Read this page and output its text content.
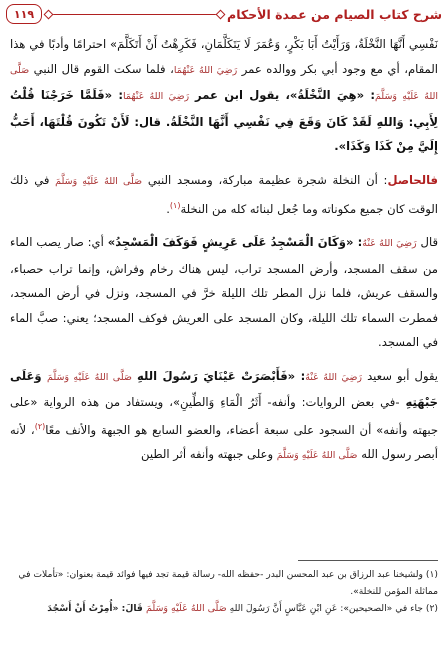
شرح كتاب الصيام من عمدة الأحكام
١١٩

نَفْسِي أَنَّهَا النَّخْلَةُ، وَرَأَيْتُ أَبَا بَكْرٍ، وَعُمَرَ لَا يَتَكَلَّمَانِ، فَكَرِهْتُ أَنْ أَتَكَلَّمَ» احترامًا وأدبًا في هذا المقام، أي مع وجود أبي بكر ووالده عمر رَضِيَ اللهُ عَنْهُمَا، فلما سكت القوم قال النبي صَلَّى اللهُ عَلَيْهِ وَسَلَّمَ: «هِيَ النَّخْلَةُ»، يقول ابن عمر رَضِيَ اللهُ عَنْهُمَا: «فَلَمَّا خَرَجْنَا قُلْتُ لِأَبِي: وَاللهِ لَقَدْ كَانَ وَقَعَ فِي نَفْسِي أَنَّهَا النَّخْلَةُ. قال: لَأَنْ تَكُونَ قُلْتَهَا، أَحَبُّ إِلَيَّ مِنْ كَذَا وَكَذَا».

فالحاصل: أن النخلة شجرة عظيمة مباركة، ومسجد النبي صَلَّى اللهُ عَلَيْهِ وَسَلَّمَ في ذلك الوقت كان جميع مكوناته وما جُعل لبنائه كله من النخلة$^{(١)}$.

قال رَضِيَ اللهُ عَنْهُ: «وَكَانَ الْمَسْجِدُ عَلَى عَرِيشٍ فَوَكَفَ الْمَسْجِدُ» أي: صار يصب الماء من سقف المسجد، وأرض المسجد تراب، ليس هناك رخام وفراش، وإنما تراب حصباء، والسقف عريش، فلما نزل المطر تلك الليلة خرَّ في المسجد، ونزل في أرض المسجد، فمطرت السماء تلك الليلة، وكان المسجد على العريش فوكف المسجد؛ يعني: صبَّ الماء في المسجد.

يقول أبو سعيد رَضِيَ اللهُ عَنْهُ: «فَأَبْصَرَتْ عَيْنَايَ رَسُولَ اللهِ صَلَّى اللهُ عَلَيْهِ وَسَلَّمَ وَعَلَى جَبْهَتِهِ -في بعض الروايات: وأنفه- أَثَرُ الْمَاءِ وَالطِّينِ»، ويستفاد من هذه الرواية «على جبهته وأنفه» أن السجود على سبعة أعضاء، والعضو السابع هو الجبهة والأنف معًا$^{(٢)}$، لأنه أبصر رسول الله صَلَّى اللهُ عَلَيْهِ وَسَلَّمَ وعلى جبهته وأنفه أثر الطين

(١) ولشيخنا عبد الرزاق بن عبد المحسن البدر -حفظه الله- رسالة قيمة تجد فيها فوائد قيمة بعنوان: «تأملات في مماثلة المؤمن للنخلة».

(٢) جاء في «الصحيحين»: عَنِ ابْنِ عَبَّاسٍ أَنَّ رَسُولَ اللهِ صَلَّى اللهُ عَلَيْهِ وَسَلَّمَ قَالَ: «أُمِرْتُ أَنْ أَسْجُدَ
